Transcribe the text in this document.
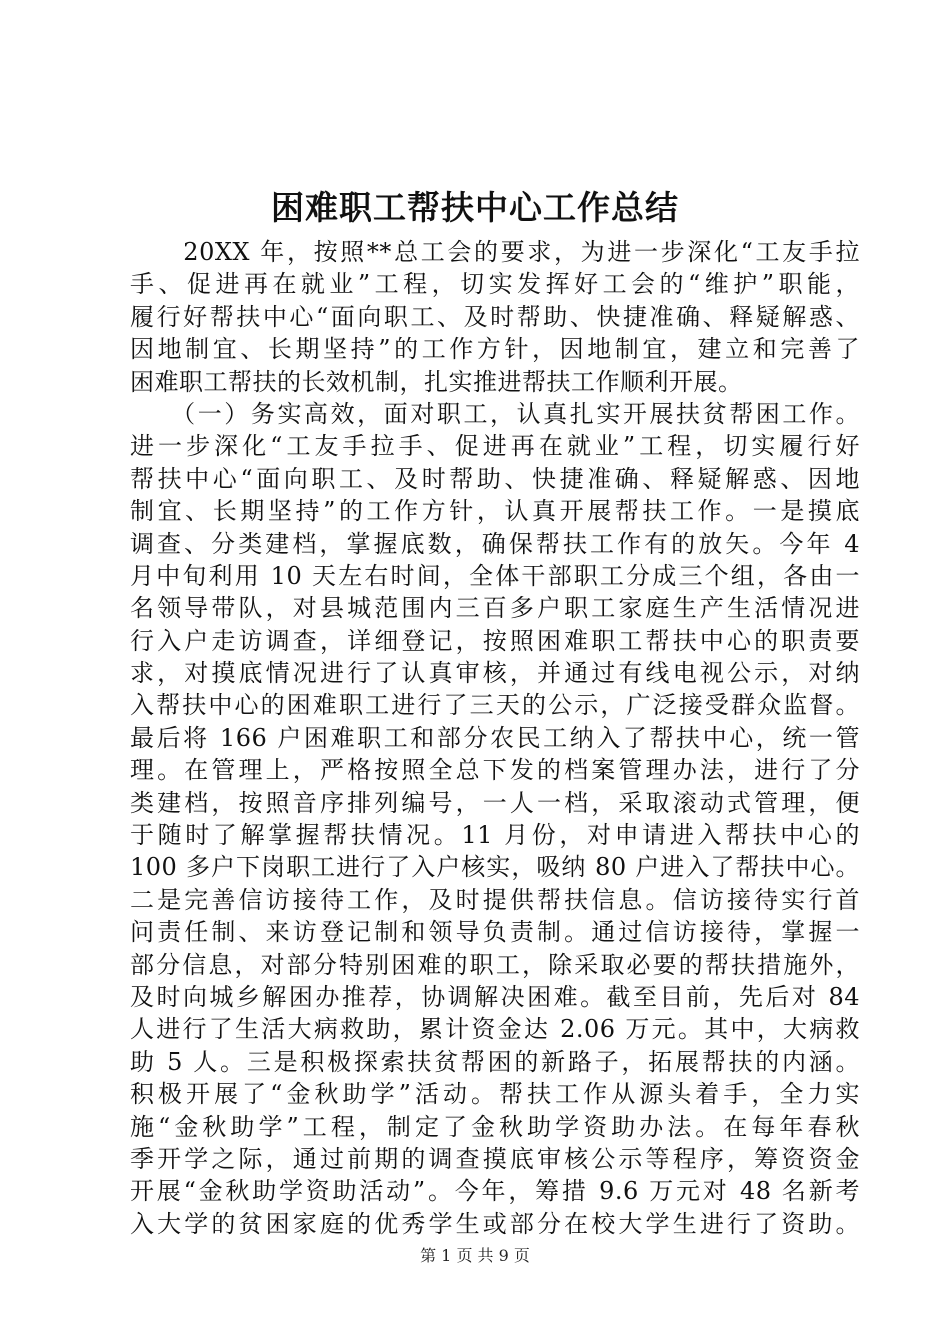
困难职工帮扶中心工作总结
　　20XX 年，按照**总工会的要求，为进一步深化“工友手拉
手、促进再在就业”工程，切实发挥好工会的“维护”职能，
履行好帮扶中心“面向职工、及时帮助、快捷准确、释疑解惑、
因地制宜、长期坚持”的工作方针，因地制宜，建立和完善了
困难职工帮扶的长效机制，扎实推进帮扶工作顺利开展。
　　（一）务实高效，面对职工，认真扎实开展扶贫帮困工作。
进一步深化“工友手拉手、促进再在就业”工程，切实履行好
帮扶中心“面向职工、及时帮助、快捷准确、释疑解惑、因地
制宜、长期坚持”的工作方针，认真开展帮扶工作。一是摸底
调查、分类建档，掌握底数，确保帮扶工作有的放矢。今年 4
月中旬利用 10 天左右时间，全体干部职工分成三个组，各由一
名领导带队，对县城范围内三百多户职工家庭生产生活情况进
行入户走访调查，详细登记，按照困难职工帮扶中心的职责要
求，对摸底情况进行了认真审核，并通过有线电视公示，对纳
入帮扶中心的困难职工进行了三天的公示，广泛接受群众监督。
最后将 166 户困难职工和部分农民工纳入了帮扶中心，统一管
理。在管理上，严格按照全总下发的档案管理办法，进行了分
类建档，按照音序排列编号，一人一档，采取滚动式管理，便
于随时了解掌握帮扶情况。11 月份，对申请进入帮扶中心的
100 多户下岗职工进行了入户核实，吸纳 80 户进入了帮扶中心。
二是完善信访接待工作，及时提供帮扶信息。信访接待实行首
问责任制、来访登记制和领导负责制。通过信访接待，掌握一
部分信息，对部分特别困难的职工，除采取必要的帮扶措施外，
及时向城乡解困办推荐，协调解决困难。截至目前，先后对 84
人进行了生活大病救助，累计资金达 2.06 万元。其中，大病救
助 5 人。三是积极探索扶贫帮困的新路子，拓展帮扶的内涵。
积极开展了“金秋助学”活动。帮扶工作从源头着手，全力实
施“金秋助学”工程，制定了金秋助学资助办法。在每年春秋
季开学之际，通过前期的调查摸底审核公示等程序，筹资资金
开展“金秋助学资助活动”。今年，筹措 9.6 万元对 48 名新考
入大学的贫困家庭的优秀学生或部分在校大学生进行了资助。
第 1 页 共 9 页
